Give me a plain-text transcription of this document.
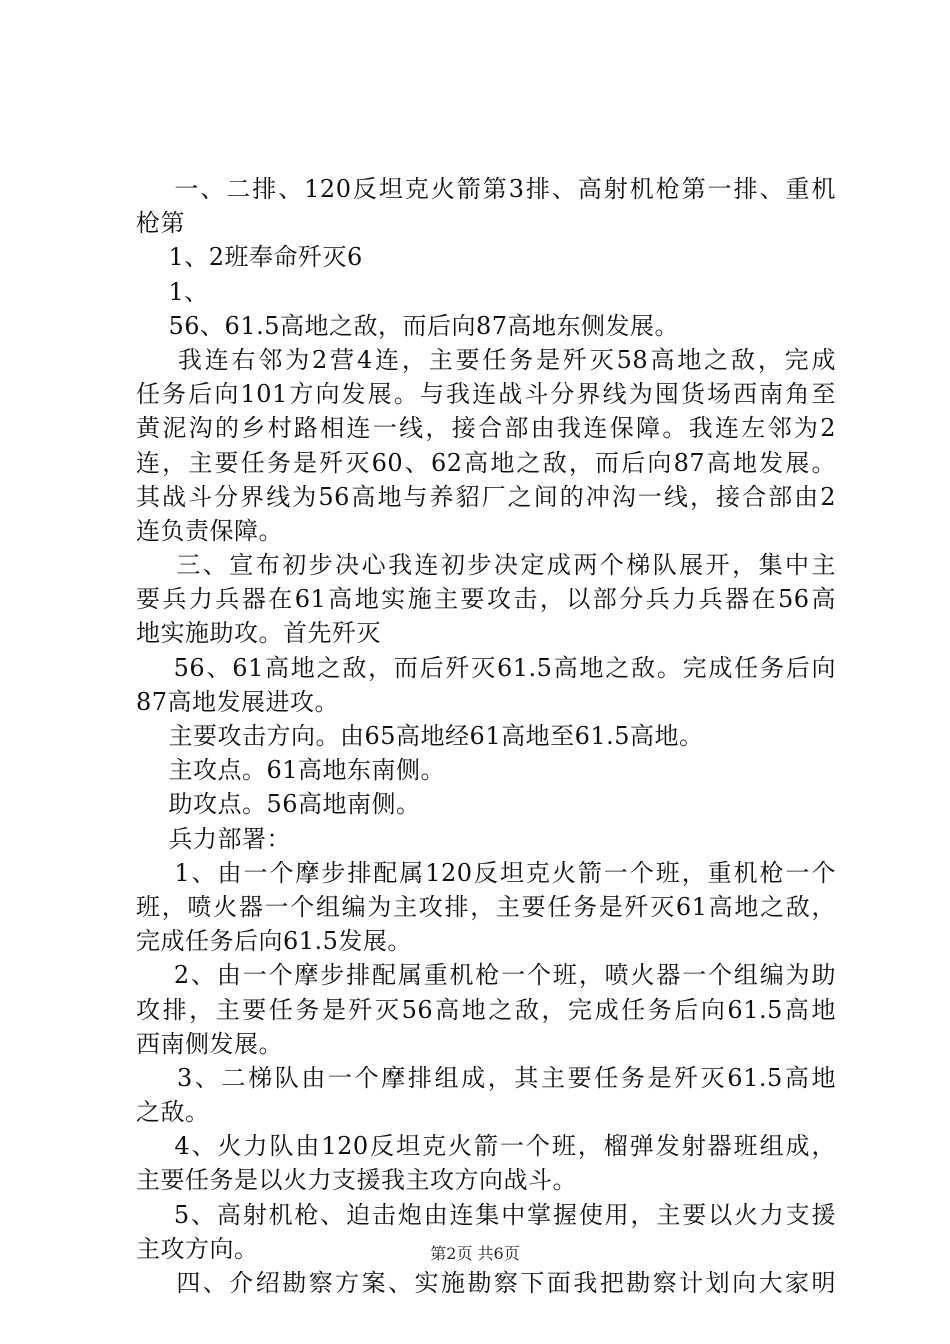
一、二排、120反坦克火箭第3排、高射机枪第一排、重机
枪第
1、2班奉命歼灭6
1、
56、61.5高地之敌，而后向87高地东侧发展。
我连右邻为2营4连，主要任务是歼灭58高地之敌，完成
任务后向101方向发展。与我连战斗分界线为囤货场西南角至
黄泥沟的乡村路相连一线，接合部由我连保障。我连左邻为2
连，主要任务是歼灭60、62高地之敌，而后向87高地发展。
其战斗分界线为56高地与养貂厂之间的冲沟一线，接合部由2
连负责保障。
三、宣布初步决心我连初步决定成两个梯队展开，集中主
要兵力兵器在61高地实施主要攻击，以部分兵力兵器在56高
地实施助攻。首先歼灭
56、61高地之敌，而后歼灭61.5高地之敌。完成任务后向
87高地发展进攻。
主要攻击方向。由65高地经61高地至61.5高地。
主攻点。61高地东南侧。
助攻点。56高地南侧。
兵力部署：
1、由一个摩步排配属120反坦克火箭一个班，重机枪一个
班，喷火器一个组编为主攻排，主要任务是歼灭61高地之敌，
完成任务后向61.5发展。
2、由一个摩步排配属重机枪一个班，喷火器一个组编为助
攻排，主要任务是歼灭56高地之敌，完成任务后向61.5高地
西南侧发展。
3、二梯队由一个摩排组成，其主要任务是歼灭61.5高地
之敌。
4、火力队由120反坦克火箭一个班，榴弹发射器班组成，
主要任务是以火力支援我主攻方向战斗。
5、高射机枪、迫击炮由连集中掌握使用，主要以火力支援
主攻方向。
四、介绍勘察方案、实施勘察下面我把勘察计划向大家明
第2页 共6页
